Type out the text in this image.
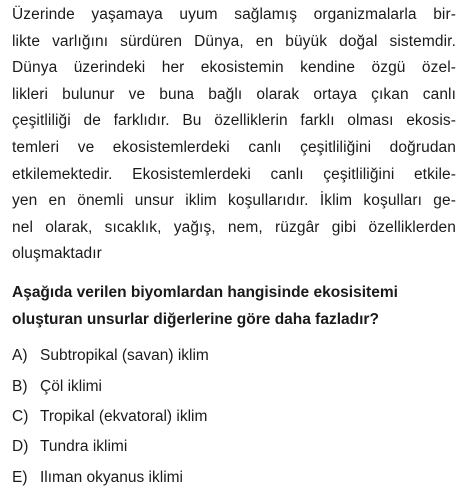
Üzerinde yaşamaya uyum sağlamış organizmalarla bir-
likte varlığını sürdüren Dünya, en büyük doğal sistemdir.
Dünya üzerindeki her ekosistemin kendine özgü özel-
likleri bulunur ve buna bağlı olarak ortaya çıkan canlı
çeşitliliği de farklıdır. Bu özelliklerin farklı olması ekosis-
temleri ve ekosistemlerdeki canlı çeşitliliğini doğrudan
etkilemektedir. Ekosistemlerdeki canlı çeşitliliğini etkile-
yen en önemli unsur iklim koşullarıdır. İklim koşulları ge-
nel olarak, sıcaklık, yağış, nem, rüzgâr gibi özelliklerden
oluşmaktadır

Aşağıda verilen biyomlardan hangisinde ekosisitemi
oluşturan unsurlar diğerlerine göre daha fazladır?

A) Subtropikal (savan) iklim
B) Çöl iklimi
C) Tropikal (ekvatoral) iklim
D) Tundra iklimi
E) Ilıman okyanus iklimi
